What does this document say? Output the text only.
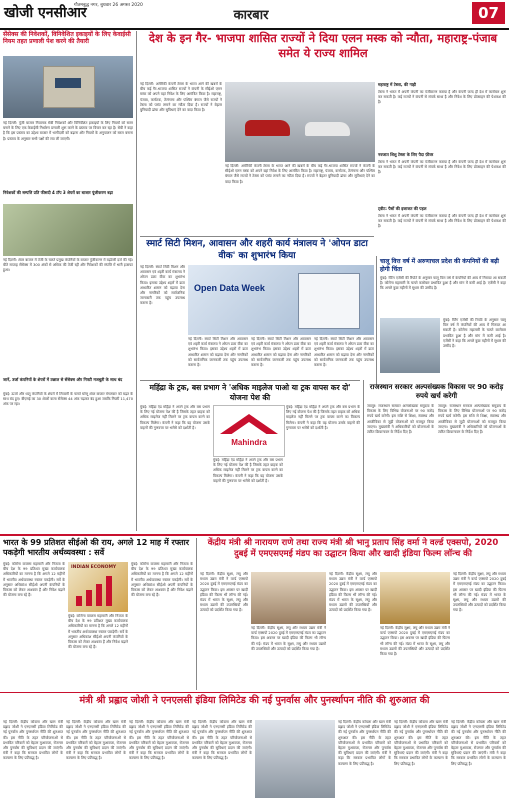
खोजी एनसीआर
गौतमबुद्ध नगर, बुधवार 26 अगस्त 2020
कारबार	07
सेंसेक्स की निवेशकों, विनिवेशित इकाइयों के लिए केवाईसी नियम तहत प्रणाली पेश करने की तैयारी
नई दिल्ली: पूंजी बाजार नियामक सेबी निवेशकों और विनिवेशित इकाइयों के लिए नियमों को सरल बनाने के लिए एक केवाईसी निर्धारण प्रणाली शुरू करने के प्रस्ताव पर विचार कर रहा है। सेबी ने कहा है कि इस प्रस्ताव का उद्देश्य बाजार में भागीदारी को बढ़ाना और नियमों के अनुपालन को सरल बनाना है। प्रस्ताव के अनुसार सभी पक्षों की राय ली जाएगी।
निवेशकों की सम्पत्ति प्रति फीसदी 4 टॉप 3 शेयरों का बाजार पूंजीकरण बढ़ा
नई दिल्ली: शेयर बाजार में तेजी के चलते प्रमुख कंपनियों के बाजार पूंजीकरण में बढ़ोतरी दर्ज की गई। बीते सप्ताह सेंसेक्स में 300 अंकों से अधिक की तेजी रही और निवेशकों की संपत्ति में भारी इजाफा हुआ।
जानें, उर्जा कंपनियों के शेयरों में उछाल से सेंसेक्स और निफ्टी मजबूती के साथ बंद
मुंबई: ऊर्जा और धातु कंपनियों के शेयरों में लिवाली के चलते घरेलू शेयर बाजार मंगलवार को बढ़त के साथ बंद हुए। बीएसई का 30 शेयरों वाला सेंसेक्स 44 अंक चढ़कर बंद हुआ जबकि निफ्टी 11,470 अंक पर रहा।
देश के इन गैर- भाजपा शासित राज्यों ने दिया एलन मस्क को न्यौता, महाराष्ट्र-पंजाब समेत ये राज्य शामिल
नई दिल्ली: अमेरिकी कंपनी टेस्ला के भारत आने की खबरों के बीच कई गैर-भाजपा शासित राज्यों ने कंपनी के सीईओ एलन मस्क को अपने यहां निवेश के लिए आमंत्रित किया है। महाराष्ट्र, पंजाब, कर्नाटक, तेलंगाना और पश्चिम बंगाल जैसे राज्यों ने टेस्ला को प्लांट लगाने का न्यौता दिया है। राज्यों ने बेहतर बुनियादी ढांचा और सुविधाएं देने का वादा किया है।
नई दिल्ली: अमेरिकी कंपनी टेस्ला के भारत आने की खबरों के बीच कई गैर-भाजपा शासित राज्यों ने कंपनी के सीईओ एलन मस्क को अपने यहां निवेश के लिए आमंत्रित किया है। महाराष्ट्र, पंजाब, कर्नाटक, तेलंगाना और पश्चिम बंगाल जैसे राज्यों ने टेस्ला को प्लांट लगाने का न्यौता दिया है। राज्यों ने बेहतर बुनियादी ढांचा और सुविधाएं देने का वादा किया है।
महाराष्ट्र में टेस्ला, की गाड़ी
टेस्ला ने भारत में अपनी कंपनी का पंजीकरण कराया है और कंपनी जल्द ही देश में कारोबार शुरू कर सकती है। कई राज्यों ने कंपनी से संपर्क साधा है और निवेश के लिए प्रोत्साहन की पेशकश की है।
नवजात शिशु टेस्ला के लिए पैदा फ़ीवर
टेस्ला ने भारत में अपनी कंपनी का पंजीकरण कराया है और कंपनी जल्द ही देश में कारोबार शुरू कर सकती है। कई राज्यों ने कंपनी से संपर्क साधा है और निवेश के लिए प्रोत्साहन की पेशकश की है।
ट्वीट: पैसों की इजाजत की पहल
टेस्ला ने भारत में अपनी कंपनी का पंजीकरण कराया है और कंपनी जल्द ही देश में कारोबार शुरू कर सकती है। कई राज्यों ने कंपनी से संपर्क साधा है और निवेश के लिए प्रोत्साहन की पेशकश की है।
स्मार्ट सिटी मिशन, आवासन और शहरी कार्य मंत्रालय ने 'ओपन डाटा वीक' का शुभारंभ किया
नई दिल्ली: स्मार्ट सिटी मिशन और आवासन एवं शहरी कार्य मंत्रालय ने ओपन डाटा वीक का शुभारंभ किया। इसका उद्देश्य शहरों में डाटा आधारित शासन को बढ़ावा देना और नागरिकों को सार्वजनिक जानकारी तक पहुंच उपलब्ध कराना है।
Open Data Week
नई दिल्ली: स्मार्ट सिटी मिशन और आवासन एवं शहरी कार्य मंत्रालय ने ओपन डाटा वीक का शुभारंभ किया। इसका उद्देश्य शहरों में डाटा आधारित शासन को बढ़ावा देना और नागरिकों को सार्वजनिक जानकारी तक पहुंच उपलब्ध कराना है।
नई दिल्ली: स्मार्ट सिटी मिशन और आवासन एवं शहरी कार्य मंत्रालय ने ओपन डाटा वीक का शुभारंभ किया। इसका उद्देश्य शहरों में डाटा आधारित शासन को बढ़ावा देना और नागरिकों को सार्वजनिक जानकारी तक पहुंच उपलब्ध कराना है।
नई दिल्ली: स्मार्ट सिटी मिशन और आवासन एवं शहरी कार्य मंत्रालय ने ओपन डाटा वीक का शुभारंभ किया। इसका उद्देश्य शहरों में डाटा आधारित शासन को बढ़ावा देना और नागरिकों को सार्वजनिक जानकारी तक पहुंच उपलब्ध कराना है।
चालू वित्त वर्ष में अरुणाचल प्रदेश की कंपनियों की बढ़ी होगी चिंता
मुंबई: रेटिंग एजेंसी की रिपोर्ट के अनुसार चालू वित्त वर्ष में कंपनियों की आय में गिरावट आ सकती है। कोरोना महामारी के चलते कारोबार प्रभावित हुआ है और मांग में कमी आई है। एजेंसी ने कहा कि अगले कुछ महीनों में सुधार की उम्मीद है।
मुंबई: रेटिंग एजेंसी की रिपोर्ट के अनुसार चालू वित्त वर्ष में कंपनियों की आय में गिरावट आ सकती है। कोरोना महामारी के चलते कारोबार प्रभावित हुआ है और मांग में कमी आई है। एजेंसी ने कहा कि अगले कुछ महीनों में सुधार की उम्मीद है।
महिंद्रा के ट्रक, बस प्रभाग ने 'अधिक माइलेज पाओ या ट्रक वापस कर दो' योजना पेश की
मुंबई: महिंद्रा एंड महिंद्रा ने अपने ट्रक और बस प्रभाग के लिए नई योजना पेश की है जिसके तहत ग्राहक को अधिक माइलेज नहीं मिलने पर ट्रक वापस करने का विकल्प मिलेगा। कंपनी ने कहा कि यह योजना उसके वाहनों की गुणवत्ता पर भरोसे को दर्शाती है।
Mahindra
मुंबई: महिंद्रा एंड महिंद्रा ने अपने ट्रक और बस प्रभाग के लिए नई योजना पेश की है जिसके तहत ग्राहक को अधिक माइलेज नहीं मिलने पर ट्रक वापस करने का विकल्प मिलेगा। कंपनी ने कहा कि यह योजना उसके वाहनों की गुणवत्ता पर भरोसे को दर्शाती है।
मुंबई: महिंद्रा एंड महिंद्रा ने अपने ट्रक और बस प्रभाग के लिए नई योजना पेश की है जिसके तहत ग्राहक को अधिक माइलेज नहीं मिलने पर ट्रक वापस करने का विकल्प मिलेगा। कंपनी ने कहा कि यह योजना उसके वाहनों की गुणवत्ता पर भरोसे को दर्शाती है।
राजस्थान सरकार अल्पसंख्यक विकास पर 90 करोड़ रुपये खर्च करेगी
जयपुर: राजस्थान सरकार अल्पसंख्यक समुदाय के विकास के लिए विभिन्न योजनाओं पर 90 करोड़ रुपये खर्च करेगी। इस राशि से शिक्षा, स्वास्थ्य और आजीविका से जुड़ी योजनाओं को मजबूत किया जाएगा। मुख्यमंत्री ने अधिकारियों को योजनाओं के त्वरित क्रियान्वयन के निर्देश दिए हैं।
जयपुर: राजस्थान सरकार अल्पसंख्यक समुदाय के विकास के लिए विभिन्न योजनाओं पर 90 करोड़ रुपये खर्च करेगी। इस राशि से शिक्षा, स्वास्थ्य और आजीविका से जुड़ी योजनाओं को मजबूत किया जाएगा। मुख्यमंत्री ने अधिकारियों को योजनाओं के त्वरित क्रियान्वयन के निर्देश दिए हैं।
भारत के 99 प्रतिशत सीईओ की राय, अगले 12 माह में रफ्तार पकड़ेगी भारतीय अर्थव्यवस्था : सर्वे
मुंबई: कोरोना वायरस महामारी और निजता के बीच देश के 99 प्रतिशत मुख्य कार्यपालक अधिकारियों का मानना है कि अगले 12 महीनों में भारतीय अर्थव्यवस्था रफ्तार पकड़ेगी। सर्वे के अनुसार अधिकांश सीईओ अपनी कंपनियों के विकास को लेकर आश्वस्त हैं और निवेश बढ़ाने की योजना बना रहे हैं।
INDIAN ECONOMY
मुंबई: कोरोना वायरस महामारी और निजता के बीच देश के 99 प्रतिशत मुख्य कार्यपालक अधिकारियों का मानना है कि अगले 12 महीनों में भारतीय अर्थव्यवस्था रफ्तार पकड़ेगी। सर्वे के अनुसार अधिकांश सीईओ अपनी कंपनियों के विकास को लेकर आश्वस्त हैं और निवेश बढ़ाने की योजना बना रहे हैं।
मुंबई: कोरोना वायरस महामारी और निजता के बीच देश के 99 प्रतिशत मुख्य कार्यपालक अधिकारियों का मानना है कि अगले 12 महीनों में भारतीय अर्थव्यवस्था रफ्तार पकड़ेगी। सर्वे के अनुसार अधिकांश सीईओ अपनी कंपनियों के विकास को लेकर आश्वस्त हैं और निवेश बढ़ाने की योजना बना रहे हैं।
केंद्रीय मंत्री श्री नारायण राणे तथा राज्य मंत्री श्री भानु प्रताप सिंह वर्मा ने वर्ल्ड एक्सपो, 2020 दुबई में एमएसएमई मंडप का उद्घाटन किया और खादी इंडिया फिल्म लॉन्च की
नई दिल्ली: केंद्रीय सूक्ष्म, लघु और मध्यम उद्यम मंत्री ने वर्ल्ड एक्सपो 2020 दुबई में एमएसएमई मंडप का उद्घाटन किया। इस अवसर पर खादी इंडिया की फिल्म भी लॉन्च की गई। मंडप में भारत के सूक्ष्म, लघु और मध्यम उद्यमों की उपलब्धियों और उत्पादों को प्रदर्शित किया गया है।
नई दिल्ली: केंद्रीय सूक्ष्म, लघु और मध्यम उद्यम मंत्री ने वर्ल्ड एक्सपो 2020 दुबई में एमएसएमई मंडप का उद्घाटन किया। इस अवसर पर खादी इंडिया की फिल्म भी लॉन्च की गई। मंडप में भारत के सूक्ष्म, लघु और मध्यम उद्यमों की उपलब्धियों और उत्पादों को प्रदर्शित किया गया है।
नई दिल्ली: केंद्रीय सूक्ष्म, लघु और मध्यम उद्यम मंत्री ने वर्ल्ड एक्सपो 2020 दुबई में एमएसएमई मंडप का उद्घाटन किया। इस अवसर पर खादी इंडिया की फिल्म भी लॉन्च की गई। मंडप में भारत के सूक्ष्म, लघु और मध्यम उद्यमों की उपलब्धियों और उत्पादों को प्रदर्शित किया गया है।
नई दिल्ली: केंद्रीय सूक्ष्म, लघु और मध्यम उद्यम मंत्री ने वर्ल्ड एक्सपो 2020 दुबई में एमएसएमई मंडप का उद्घाटन किया। इस अवसर पर खादी इंडिया की फिल्म भी लॉन्च की गई। मंडप में भारत के सूक्ष्म, लघु और मध्यम उद्यमों की उपलब्धियों और उत्पादों को प्रदर्शित किया गया है।
नई दिल्ली: केंद्रीय सूक्ष्म, लघु और मध्यम उद्यम मंत्री ने वर्ल्ड एक्सपो 2020 दुबई में एमएसएमई मंडप का उद्घाटन किया। इस अवसर पर खादी इंडिया की फिल्म भी लॉन्च की गई। मंडप में भारत के सूक्ष्म, लघु और मध्यम उद्यमों की उपलब्धियों और उत्पादों को प्रदर्शित किया गया है।
मंत्री श्री प्रह्लाद जोशी ने एनएलसी इंडिया लिमिटेड की नई पुनर्वास और पुनर्स्थापन नीति की शुरुआत की
नई दिल्ली: केंद्रीय कोयला और खान मंत्री प्रह्लाद जोशी ने एनएलसी इंडिया लिमिटेड की नई पुनर्वास और पुनर्स्थापन नीति की शुरुआत की। इस नीति के तहत परियोजनाओं से प्रभावित परिवारों को बेहतर मुआवजा, रोजगार और पुनर्वास की सुविधाएं प्रदान की जाएंगी। मंत्री ने कहा कि सरकार प्रभावित लोगों के कल्याण के लिए प्रतिबद्ध है।
नई दिल्ली: केंद्रीय कोयला और खान मंत्री प्रह्लाद जोशी ने एनएलसी इंडिया लिमिटेड की नई पुनर्वास और पुनर्स्थापन नीति की शुरुआत की। इस नीति के तहत परियोजनाओं से प्रभावित परिवारों को बेहतर मुआवजा, रोजगार और पुनर्वास की सुविधाएं प्रदान की जाएंगी। मंत्री ने कहा कि सरकार प्रभावित लोगों के कल्याण के लिए प्रतिबद्ध है।
नई दिल्ली: केंद्रीय कोयला और खान मंत्री प्रह्लाद जोशी ने एनएलसी इंडिया लिमिटेड की नई पुनर्वास और पुनर्स्थापन नीति की शुरुआत की। इस नीति के तहत परियोजनाओं से प्रभावित परिवारों को बेहतर मुआवजा, रोजगार और पुनर्वास की सुविधाएं प्रदान की जाएंगी। मंत्री ने कहा कि सरकार प्रभावित लोगों के कल्याण के लिए प्रतिबद्ध है।
नई दिल्ली: केंद्रीय कोयला और खान मंत्री प्रह्लाद जोशी ने एनएलसी इंडिया लिमिटेड की नई पुनर्वास और पुनर्स्थापन नीति की शुरुआत की। इस नीति के तहत परियोजनाओं से प्रभावित परिवारों को बेहतर मुआवजा, रोजगार और पुनर्वास की सुविधाएं प्रदान की जाएंगी। मंत्री ने कहा कि सरकार प्रभावित लोगों के कल्याण के लिए प्रतिबद्ध है।
नई दिल्ली: केंद्रीय कोयला और खान मंत्री प्रह्लाद जोशी ने एनएलसी इंडिया लिमिटेड की नई पुनर्वास और पुनर्स्थापन नीति की शुरुआत की। इस नीति के तहत परियोजनाओं से प्रभावित परिवारों को बेहतर मुआवजा, रोजगार और पुनर्वास की सुविधाएं प्रदान की जाएंगी। मंत्री ने कहा कि सरकार प्रभावित लोगों के कल्याण के लिए प्रतिबद्ध है।
नई दिल्ली: केंद्रीय कोयला और खान मंत्री प्रह्लाद जोशी ने एनएलसी इंडिया लिमिटेड की नई पुनर्वास और पुनर्स्थापन नीति की शुरुआत की। इस नीति के तहत परियोजनाओं से प्रभावित परिवारों को बेहतर मुआवजा, रोजगार और पुनर्वास की सुविधाएं प्रदान की जाएंगी। मंत्री ने कहा कि सरकार प्रभावित लोगों के कल्याण के लिए प्रतिबद्ध है।
नई दिल्ली: केंद्रीय कोयला और खान मंत्री प्रह्लाद जोशी ने एनएलसी इंडिया लिमिटेड की नई पुनर्वास और पुनर्स्थापन नीति की शुरुआत की। इस नीति के तहत परियोजनाओं से प्रभावित परिवारों को बेहतर मुआवजा, रोजगार और पुनर्वास की सुविधाएं प्रदान की जाएंगी। मंत्री ने कहा कि सरकार प्रभावित लोगों के कल्याण के लिए प्रतिबद्ध है।
